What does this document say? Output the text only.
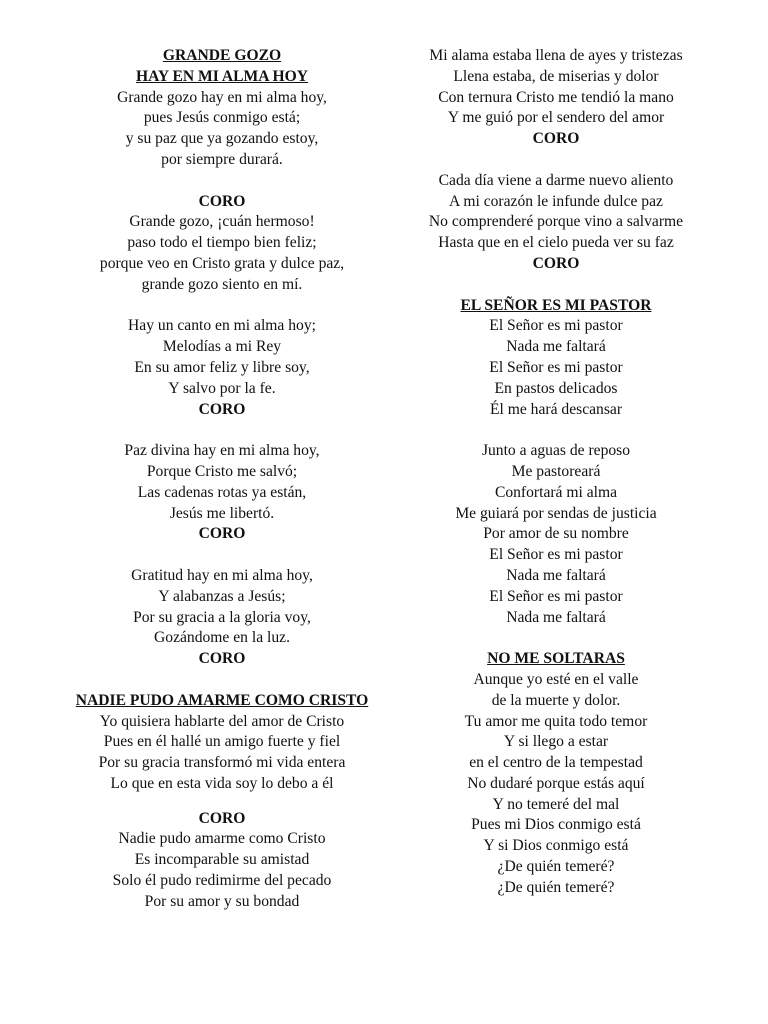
GRANDE GOZO
HAY EN MI ALMA HOY
Grande gozo hay en mi alma hoy,
pues Jesús conmigo está;
y su paz que ya gozando estoy,
por siempre durará.
CORO
Grande gozo, ¡cuán hermoso!
paso todo el tiempo bien feliz;
porque veo en Cristo grata y dulce paz,
grande gozo siento en mí.
Hay un canto en mi alma hoy;
Melodías a mi Rey
En su amor feliz y libre soy,
Y salvo por la fe.
CORO
Paz divina hay en mi alma hoy,
Porque Cristo me salvó;
Las cadenas rotas ya están,
Jesús me libertó.
CORO
Gratitud hay en mi alma hoy,
Y alabanzas a Jesús;
Por su gracia a la gloria voy,
Gozándome en la luz.
CORO
NADIE PUDO AMARME COMO CRISTO
Yo quisiera hablarte del amor de Cristo
Pues en él hallé un amigo fuerte y fiel
Por su gracia transformó mi vida entera
Lo que en esta vida soy lo debo a él
CORO
Nadie pudo amarme como Cristo
Es incomparable su amistad
Solo él pudo redimirme del pecado
Por su amor y su bondad
Mi alama estaba llena de ayes y tristezas
Llena estaba, de miserias y dolor
Con ternura Cristo me tendió la mano
Y me guió por el sendero del amor
CORO
Cada día viene a darme nuevo aliento
A mi corazón le infunde dulce paz
No comprenderé porque vino a salvarme
Hasta que en el cielo pueda ver su faz
CORO
EL SEÑOR ES MI PASTOR
El Señor es mi pastor
Nada me faltará
El Señor es mi pastor
En pastos delicados
Él me hará descansar
Junto a aguas de reposo
Me pastoreará
Confortará mi alma
Me guiará por sendas de justicia
Por amor de su nombre
El Señor es mi pastor
Nada me faltará
El Señor es mi pastor
Nada me faltará
NO ME SOLTARAS
Aunque yo esté en el valle
de la muerte y dolor.
Tu amor me quita todo temor
Y si llego a estar
en el centro de la tempestad
No dudaré porque estás aquí
Y no temeré del mal
Pues mi Dios conmigo está
Y si Dios conmigo está
¿De quién temeré?
¿De quién temeré?
